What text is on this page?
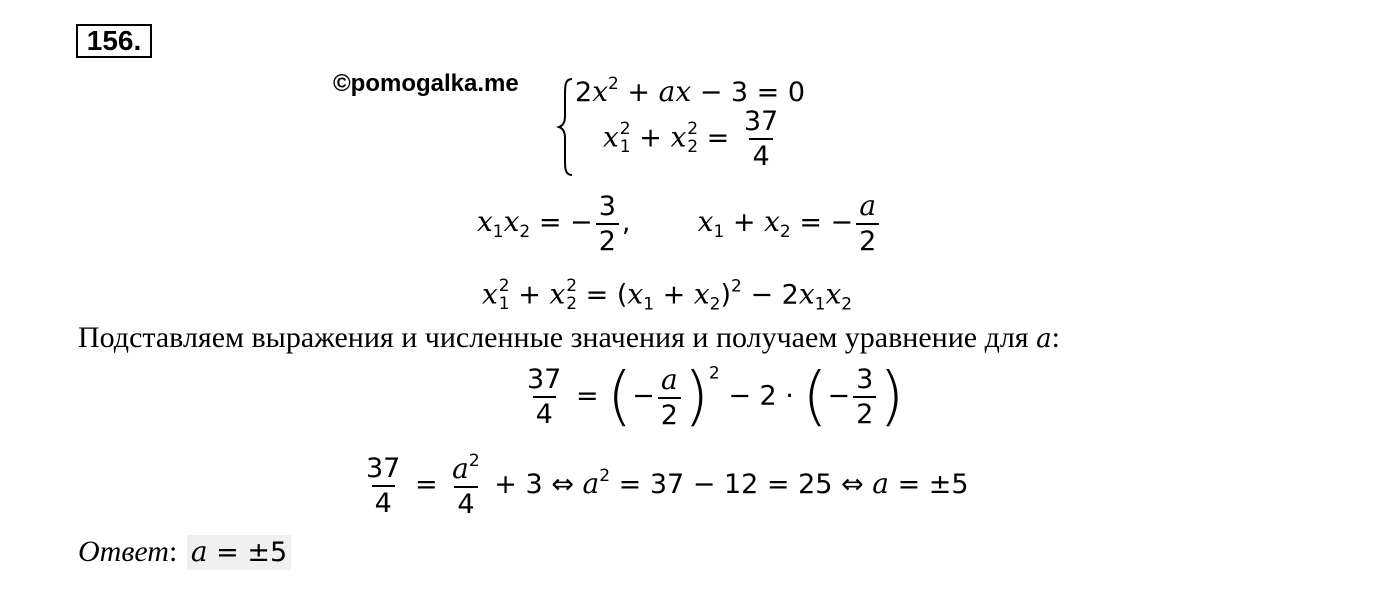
156.
©pomogalka.me $2x^2$ + ax − 3 = 0
x 2
1 + x 2
$2 = \frac{37}{4}$
$x_1x_2$ = − $\frac{3}{2}$ , $x_1 + x_2$ = − $\frac{a}{2}$
x 2
1 + x 2
$2 = (x_1 + x_2)^2 - 2x_1x_2$
Подставляем выражения и численные значения и получаем уравнение для a:
$\frac{37}{4}$ = (− $\frac{a}{2} )^2 - 2$ · (− $\frac{3}{2}$ )
$\frac{37}{4} = \frac{a^2}{4} + 3$ ⇔ $a^2 = 37 - 12 = 25$ ⇔ a = ±5
Ответ: a = ±5
